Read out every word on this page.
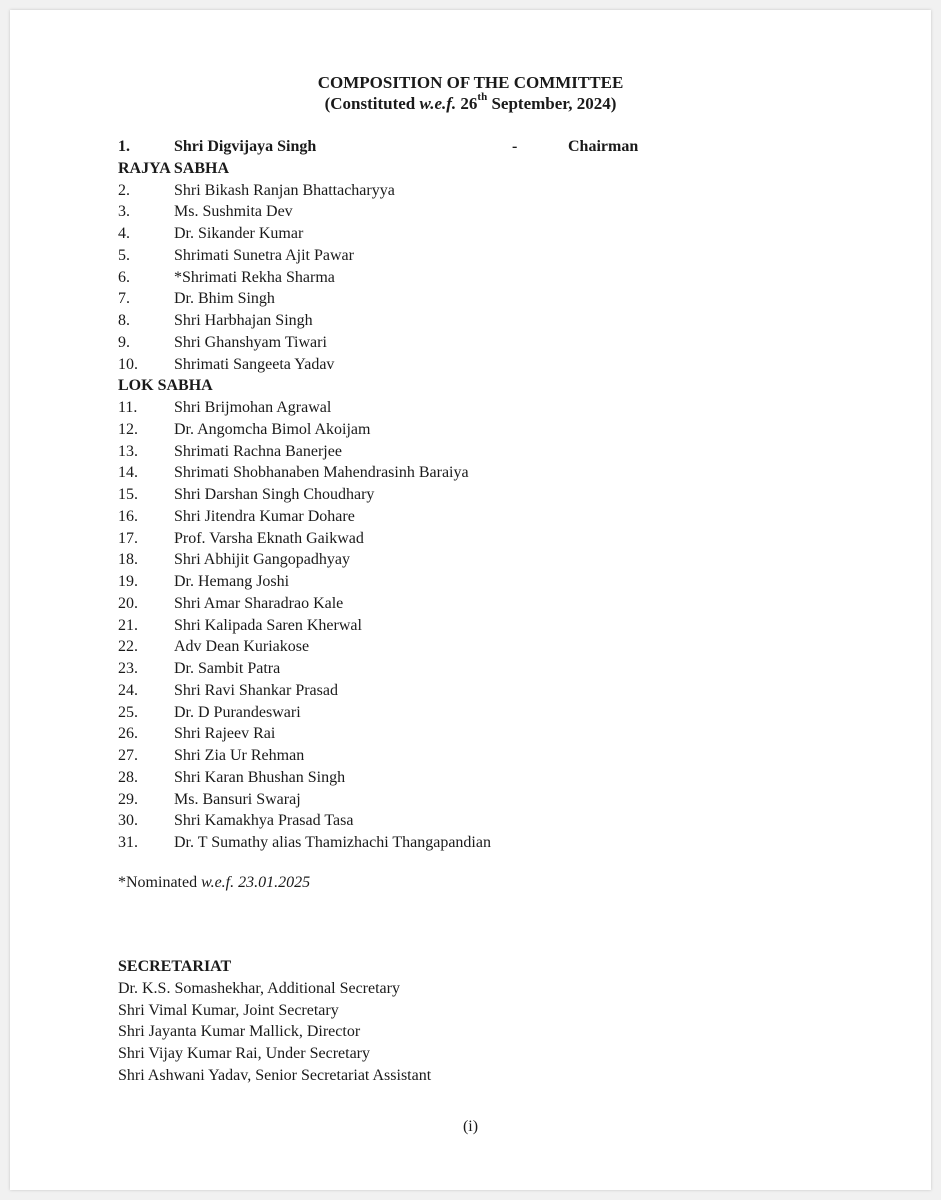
COMPOSITION OF THE COMMITTEE
(Constituted w.e.f. 26th September, 2024)
1.	Shri Digvijaya Singh	-	Chairman
RAJYA SABHA
2.	Shri Bikash Ranjan Bhattacharyya
3.	Ms. Sushmita Dev
4.	Dr. Sikander Kumar
5.	Shrimati Sunetra Ajit Pawar
6.	*Shrimati Rekha Sharma
7.	Dr. Bhim Singh
8.	Shri Harbhajan Singh
9.	Shri Ghanshyam Tiwari
10. Shrimati Sangeeta Yadav
LOK SABHA
11. Shri Brijmohan Agrawal
12. Dr. Angomcha Bimol Akoijam
13. Shrimati Rachna Banerjee
14. Shrimati Shobhanaben Mahendrasinh Baraiya
15. Shri Darshan Singh Choudhary
16. Shri Jitendra Kumar Dohare
17. Prof. Varsha Eknath Gaikwad
18. Shri Abhijit Gangopadhyay
19. Dr. Hemang Joshi
20. Shri Amar Sharadrao Kale
21. Shri Kalipada Saren Kherwal
22. Adv Dean Kuriakose
23. Dr. Sambit Patra
24. Shri Ravi Shankar Prasad
25. Dr. D Purandeswari
26. Shri Rajeev Rai
27. Shri Zia Ur Rehman
28. Shri Karan Bhushan Singh
29. Ms. Bansuri Swaraj
30. Shri Kamakhya Prasad Tasa
31. Dr. T Sumathy alias Thamizhachi Thangapandian
*Nominated w.e.f. 23.01.2025
SECRETARIAT
Dr. K.S. Somashekhar, Additional Secretary
Shri Vimal Kumar, Joint Secretary
Shri Jayanta Kumar Mallick, Director
Shri Vijay Kumar Rai, Under Secretary
Shri Ashwani Yadav, Senior Secretariat Assistant
(i)
